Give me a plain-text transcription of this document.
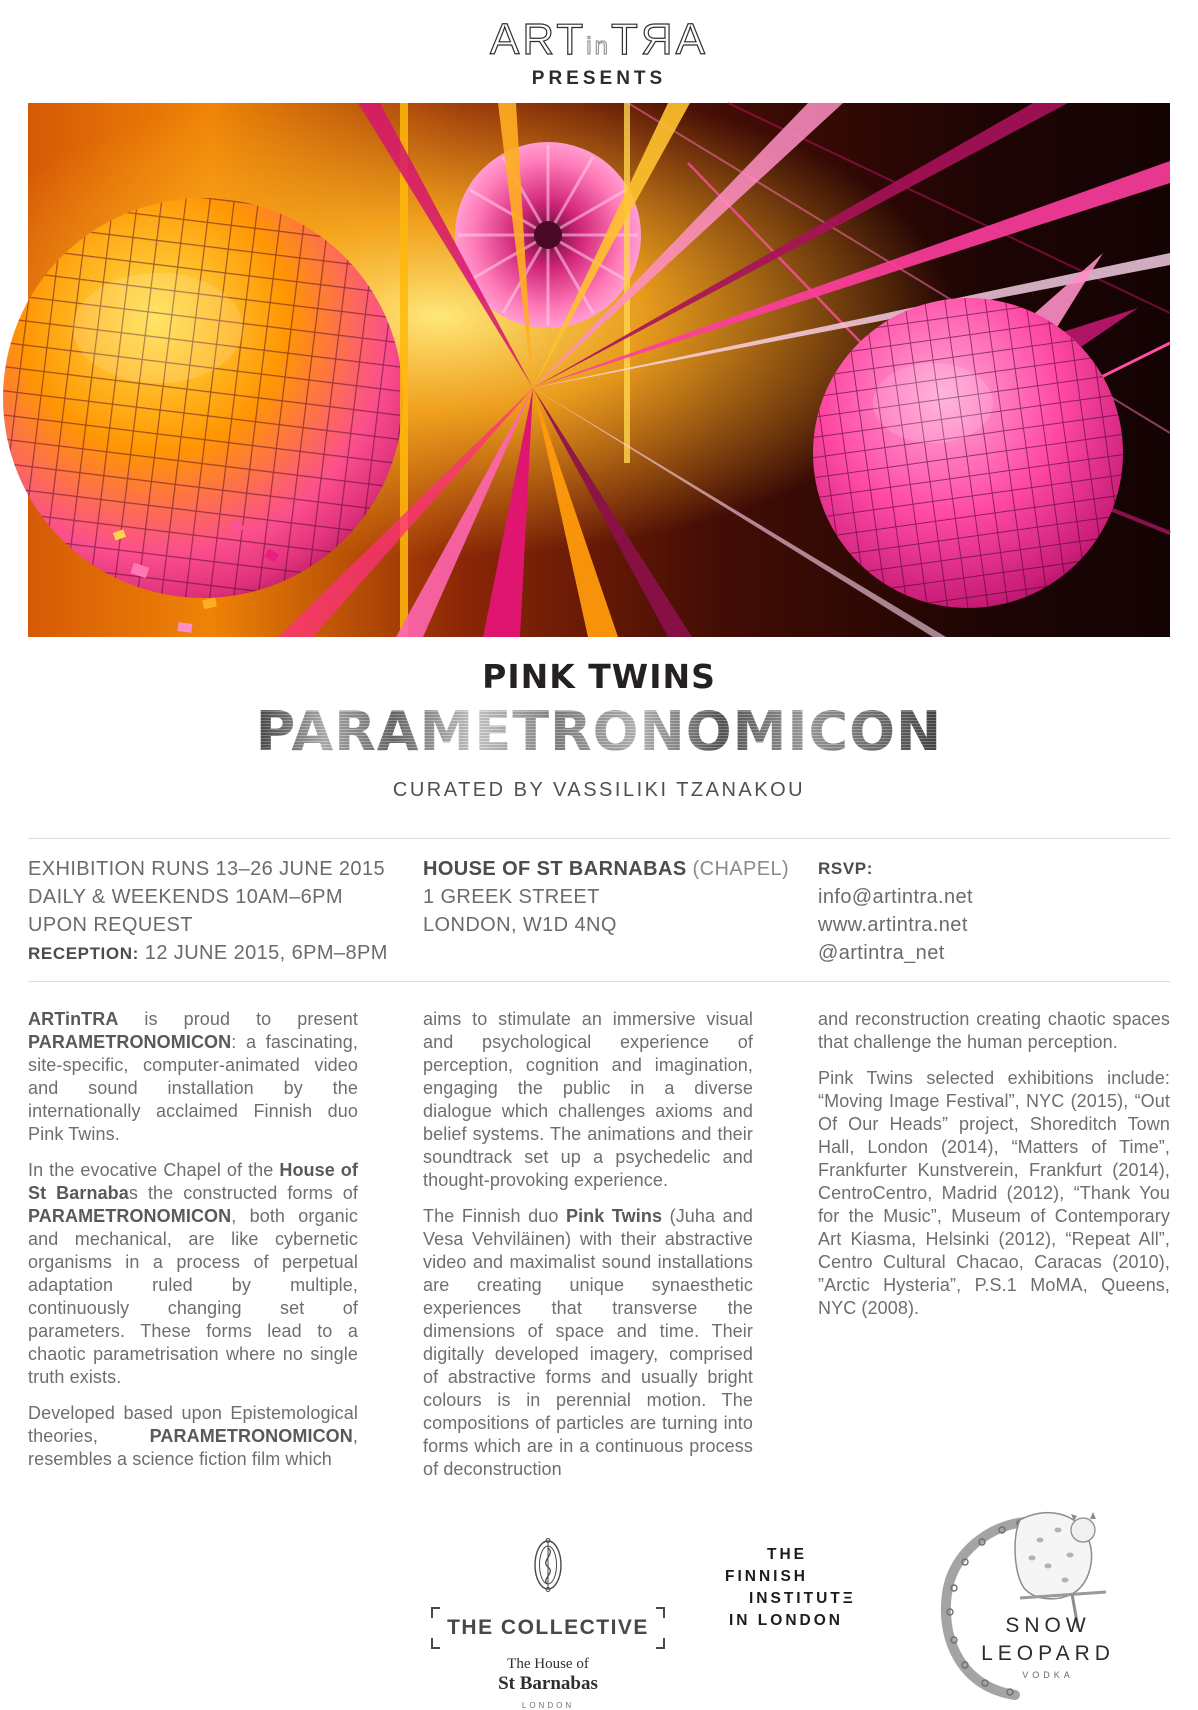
ARTinTЯA
PRESENTS
PINK TWINS
PARAMETRONOMICON
CURATED BY VASSILIKI TZANAKOU
EXHIBITION RUNS 13–26 JUNE 2015
DAILY & WEEKENDS 10AM–6PM
UPON REQUEST
RECEPTION: 12 JUNE 2015, 6PM–8PM
HOUSE OF ST BARNABAS (CHAPEL)
1 GREEK STREET
LONDON, W1D 4NQ
RSVP:
info@artintra.net
www.artintra.net
@artintra_net

ARTinTRA is proud to present PARAMETRONOMICON: a fascinating, site-specific, computer-animated video and sound installation by the internationally acclaimed Finnish duo Pink Twins.

In the evocative Chapel of the House of St Barnabas the constructed forms of PARAMETRONOMICON, both organic and mechanical, are like cybernetic organisms in a process of perpetual adaptation ruled by multiple, continuously changing set of parameters. These forms lead to a chaotic parametrisation where no single truth exists.

Developed based upon Epistemological theories, PARAMETRONOMICON, resembles a science fiction film which

aims to stimulate an immersive visual and psychological experience of perception, cognition and imagination, engaging the public in a diverse dialogue which challenges axioms and belief systems. The animations and their soundtrack set up a psychedelic and thought-provoking experience.

The Finnish duo Pink Twins (Juha and Vesa Vehviläinen) with their abstractive video and maximalist sound installations are creating unique synaesthetic experiences that transverse the dimensions of space and time. Their digitally developed imagery, comprised of abstractive forms and usually bright colours is in perennial motion. The compositions of particles are turning into forms which are in a continuous process of deconstruction

and reconstruction creating chaotic spaces that challenge the human perception.

Pink Twins selected exhibitions include: “Moving Image Festival”, NYC (2015), “Out Of Our Heads” project, Shoreditch Town Hall, London (2014), “Matters of Time”, Frankfurter Kunstverein, Frankfurt (2014), CentroCentro, Madrid (2012), “Thank You for the Music”, Museum of Contemporary Art Kiasma, Helsinki (2012), “Repeat All”, Centro Cultural Chacao, Caracas (2010), ”Arctic Hysteria”, P.S.1 MoMA, Queens, NYC (2008).

THE COLLECTIVE
The House of
St Barnabas
LONDON
THE
FINNISH
INSTITUTΞ
IN LONDON	SNOW
LEOPARD
VODKA
